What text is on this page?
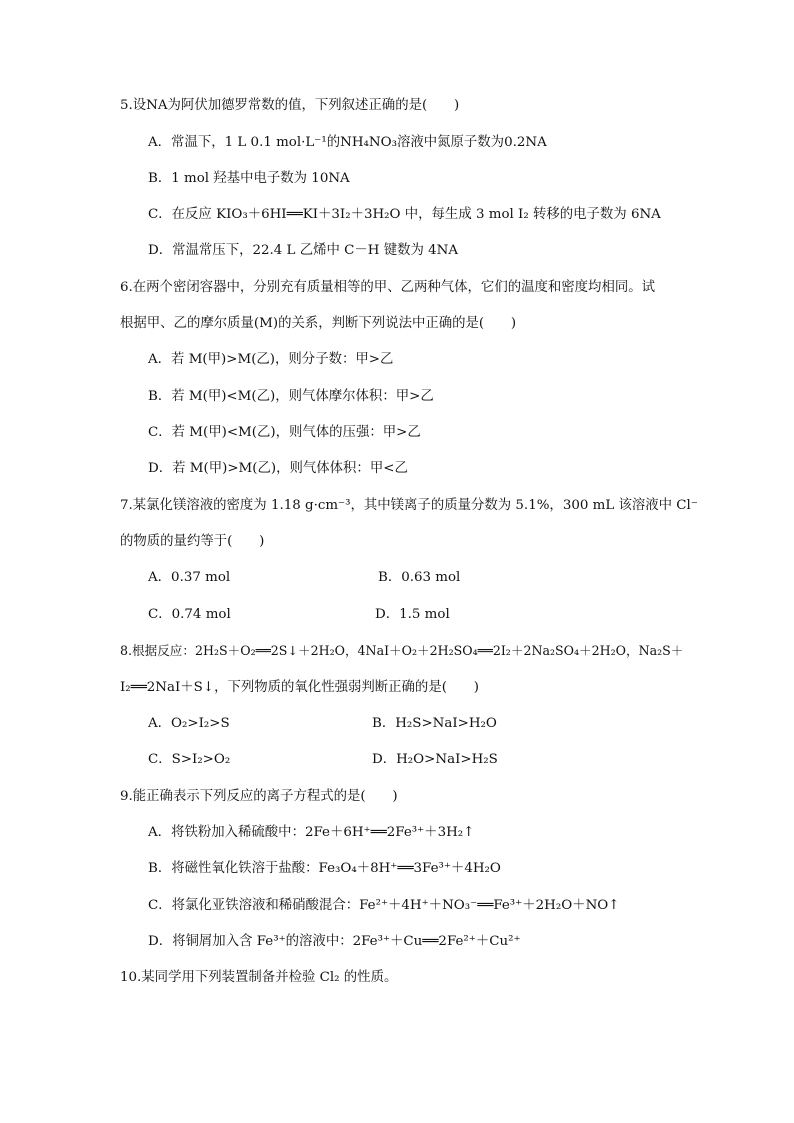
5.设NA为阿伏加德罗常数的值，下列叙述正确的是(　　)
A．常温下，1 L 0.1 mol·L⁻¹的NH₄NO₃溶液中氮原子数为0.2NA
B．1 mol 羟基中电子数为 10NA
C．在反应 KIO₃＋6HI══KI＋3I₂＋3H₂O 中，每生成 3 mol I₂ 转移的电子数为 6NA
D．常温常压下，22.4 L 乙烯中 C－H 键数为 4NA
6.在两个密闭容器中，分别充有质量相等的甲、乙两种气体，它们的温度和密度均相同。试
根据甲、乙的摩尔质量(M)的关系，判断下列说法中正确的是(　　)
A．若 M(甲)>M(乙)，则分子数：甲>乙
B．若 M(甲)<M(乙)，则气体摩尔体积：甲>乙
C．若 M(甲)<M(乙)，则气体的压强：甲>乙
D．若 M(甲)>M(乙)，则气体体积：甲<乙
7.某氯化镁溶液的密度为 1.18 g·cm⁻³，其中镁离子的质量分数为 5.1%，300 mL 该溶液中 Cl⁻
的物质的量约等于(　　)
A．0.37 mol	B．0.63 mol
C．0.74 mol	D．1.5 mol
8.根据反应：2H₂S＋O₂══2S↓＋2H₂O，4NaI＋O₂＋2H₂SO₄══2I₂＋2Na₂SO₄＋2H₂O，Na₂S＋
I₂══2NaI＋S↓，下列物质的氧化性强弱判断正确的是(　　)
A．O₂>I₂>S	B．H₂S>NaI>H₂O
C．S>I₂>O₂	D．H₂O>NaI>H₂S
9.能正确表示下列反应的离子方程式的是(　　)
A．将铁粉加入稀硫酸中：2Fe＋6H⁺══2Fe³⁺＋3H₂↑
B．将磁性氧化铁溶于盐酸：Fe₃O₄＋8H⁺══3Fe³⁺＋4H₂O
C．将氯化亚铁溶液和稀硝酸混合：Fe²⁺＋4H⁺＋NO₃⁻══Fe³⁺＋2H₂O＋NO↑
D．将铜屑加入含 Fe³⁺的溶液中：2Fe³⁺＋Cu══2Fe²⁺＋Cu²⁺
10.某同学用下列装置制备并检验 Cl₂ 的性质。
